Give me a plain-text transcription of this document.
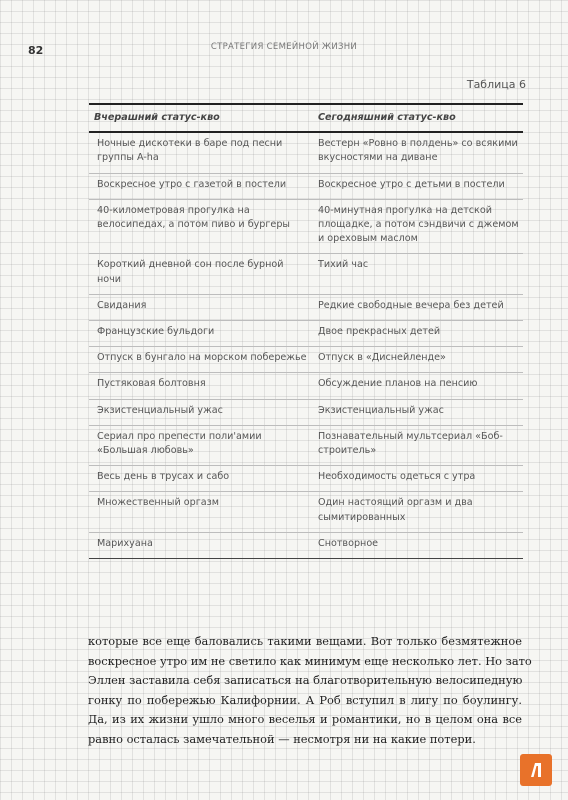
82	СТРАТЕГИЯ СЕМЕЙНОЙ ЖИЗНИ
Таблица 6
Вчерашний статус-кво	Сегодняшний статус-кво
Ночные дискотеки в баре под песни группы A-ha	Вестерн «Ровно в полдень» со всякими вкусностями на диване
Воскресное утро с газетой в постели	Воскресное утро с детьми в постели
40-километровая прогулка на велосипедах, а потом пиво и бургеры	40-минутная прогулка на детской площадке, а потом сэндвичи с джемом и ореховым маслом
Короткий дневной сон после бурной ночи	Тихий час
Свидания	Редкие свободные вечера без детей
Французские бульдоги	Двое прекрасных детей
Отпуск в бунгало на морском побережье	Отпуск в «Диснейленде»
Пустяковая болтовня	Обсуждение планов на пенсию
Экзистенциальный ужас	Экзистенциальный ужас
Сериал про препести поли'амии «Большая любовь»	Познавательный мультсериал «Боб-строитель»
Весь день в трусах и сабо	Необходимость одеться с утра
Множественный оргазм	Один настоящий оргазм и два сымитированных
Марихуана	Снотворное
которые все еще баловались такими вещами. Вот только безмятежное
воскресное утро им не светило как минимум еще несколько лет. Но зато
Эллен заставила себя записаться на благотворительную велосипедную
гонку по побережью Калифорнии. А Роб вступил в лигу по боулингу.
Да, из их жизни ушло много веселья и романтики, но в целом она все
равно осталась замечательной — несмотря ни на какие потери.
